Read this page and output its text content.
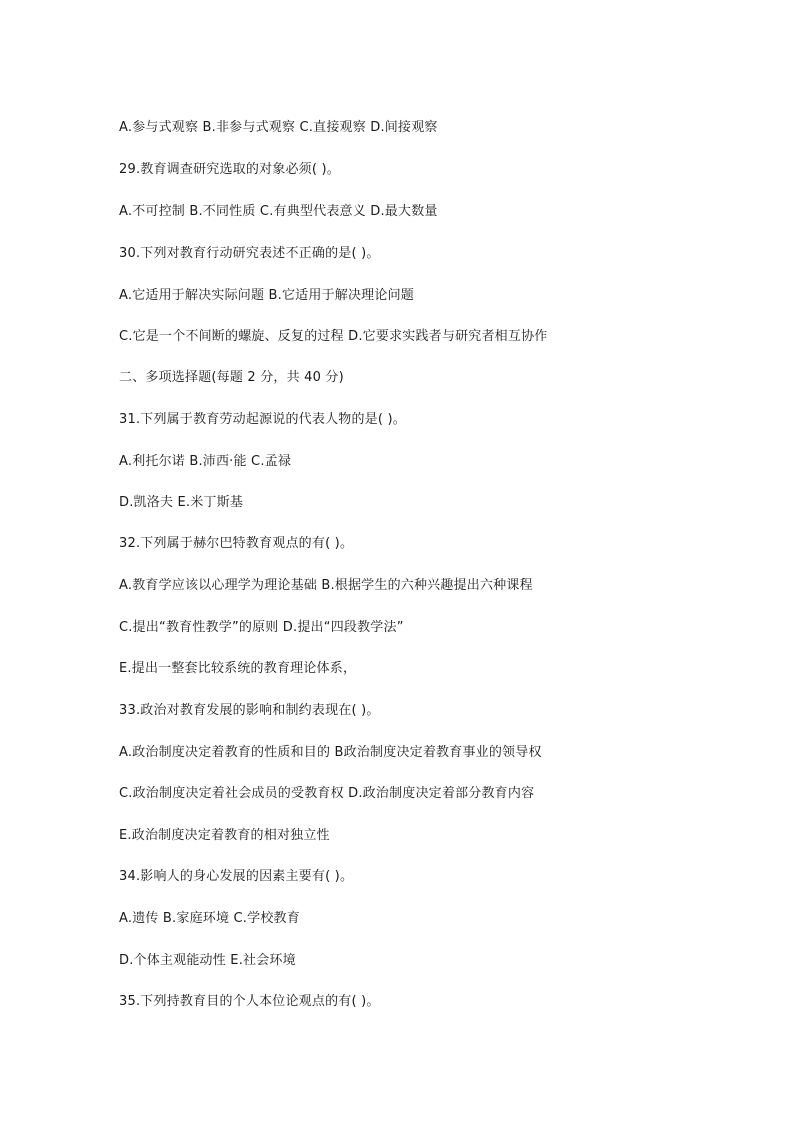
A.参与式观察 B.非参与式观察 C.直接观察 D.间接观察
29.教育调查研究选取的对象必须( )。
A.不可控制 B.不同性质 C.有典型代表意义 D.最大数量
30.下列对教育行动研究表述不正确的是( )。
A.它适用于解决实际问题 B.它适用于解决理论问题
C.它是一个不间断的螺旋、反复的过程 D.它要求实践者与研究者相互协作
二、多项选择题(每题 2 分，共 40 分)
31.下列属于教育劳动起源说的代表人物的是( )。
A.利托尔诺 B.沛西·能 C.孟禄
D.凯洛夫 E.米丁斯基
32.下列属于赫尔巴特教育观点的有( )。
A.教育学应该以心理学为理论基础 B.根据学生的六种兴趣提出六种课程
C.提出“教育性教学”的原则 D.提出“四段教学法”
E.提出一整套比较系统的教育理论体系，
33.政治对教育发展的影响和制约表现在( )。
A.政治制度决定着教育的性质和目的 B政治制度决定着教育事业的领导权
C.政治制度决定着社会成员的受教育权 D.政治制度决定着部分教育内容
E.政治制度决定着教育的相对独立性
34.影响人的身心发展的因素主要有( )。
A.遗传 B.家庭环境 C.学校教育
D.个体主观能动性 E.社会环境
35.下列持教育目的个人本位论观点的有( )。
